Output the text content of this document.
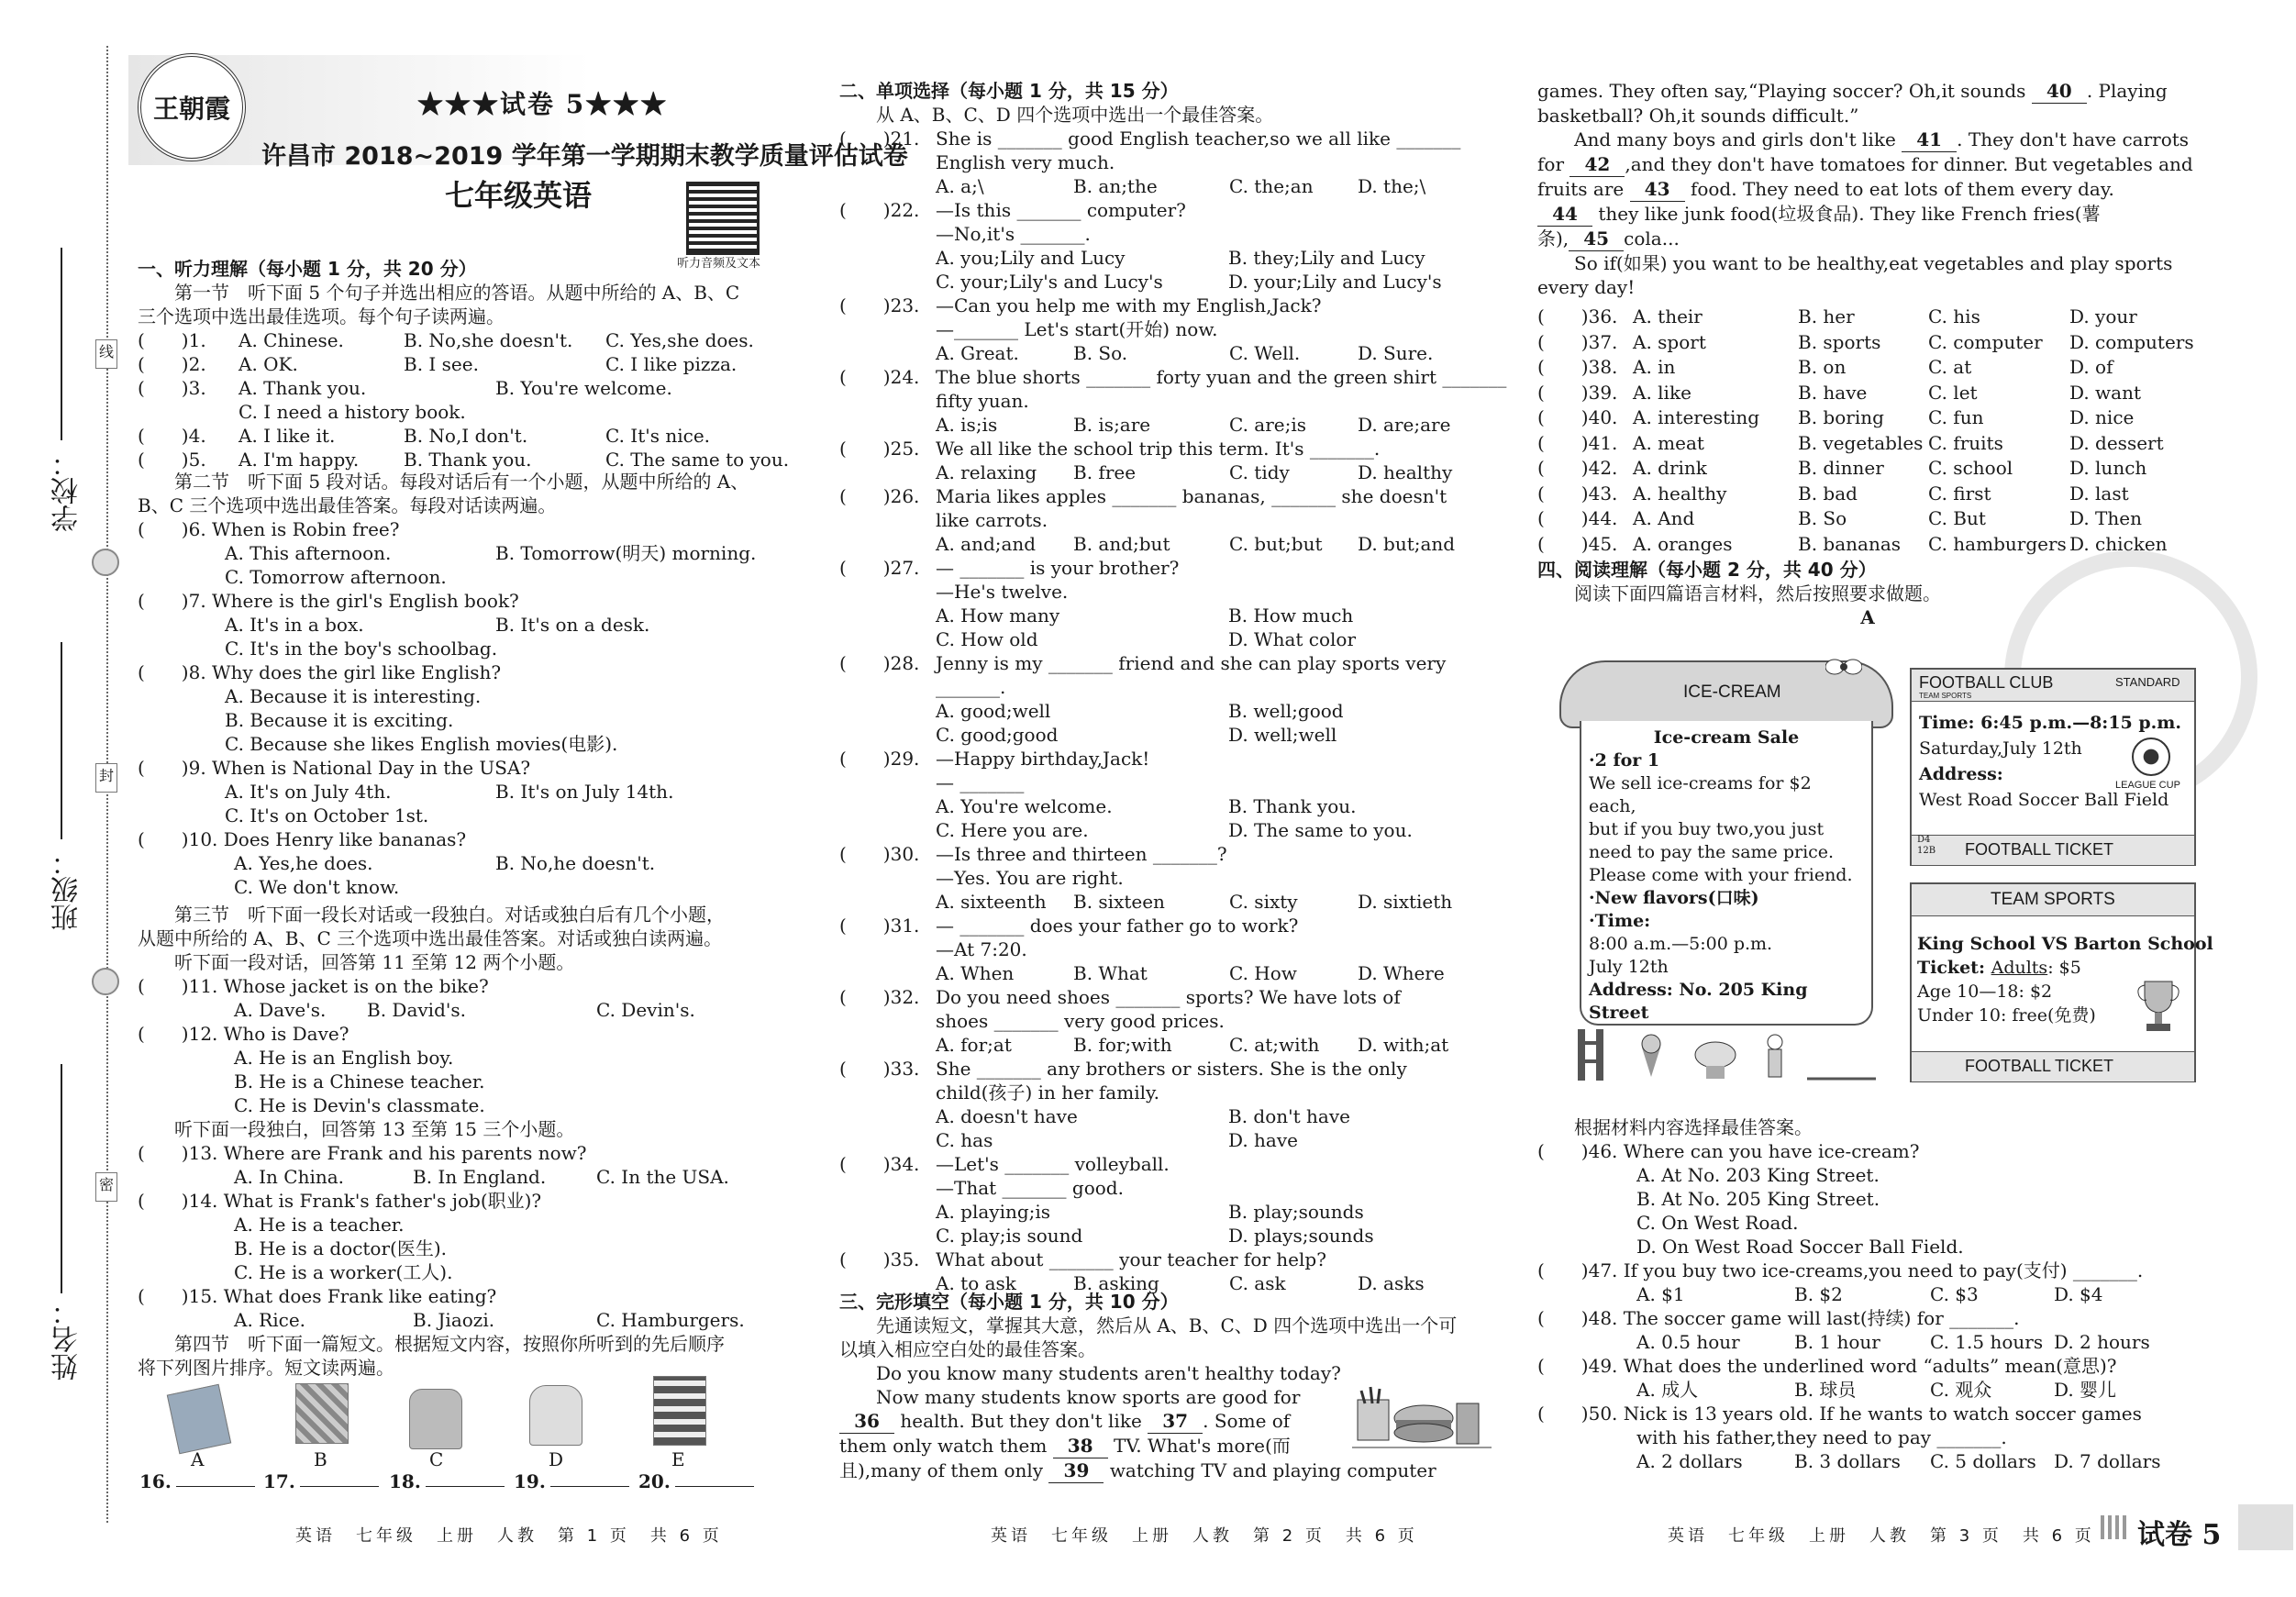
线
封
密
学校：
班级：
姓名：
王朝霞	★★★试卷 5★★★
许昌市 2018~2019 学年第一学期期末教学质量评估试卷
七年级英语
听力音频及文本
一、听力理解（每小题 1 分，共 20 分）
第一节　听下面 5 个句子并选出相应的答语。从题中所给的 A、B、C
三个选项中选出最佳选项。每个句子读两遍。
(　　)1. A. Chinese.	B. No,she doesn't. C. Yes,she does.
(　　)2. A. OK.	B. I see.	C. I like pizza.
(　　)3. A. Thank you.	B. You're welcome.
C. I need a history book.
(　　)4. A. I like it.	B. No,I don't.	C. It's nice.
(　　)5. A. I'm happy. B. Thank you.	C. The same to you.
第二节　听下面 5 段对话。每段对话后有一个小题，从题中所给的 A、
B、C 三个选项中选出最佳答案。每段对话读两遍。
(　　)6. When is Robin free?
A. This afternoon.	B. Tomorrow(明天) morning.
C. Tomorrow afternoon.
(　　)7. Where is the girl's English book?
A. It's in a box.	B. It's on a desk.
C. It's in the boy's schoolbag.
(　　)8. Why does the girl like English?
A. Because it is interesting.
B. Because it is exciting.
C. Because she likes English movies(电影).
(　　)9. When is National Day in the USA?
A. It's on July 4th.	B. It's on July 14th.
C. It's on October 1st.
(　　)10. Does Henry like bananas?
A. Yes,he does.	B. No,he doesn't.
C. We don't know.
第三节　听下面一段长对话或一段独白。对话或独白后有几个小题，
从题中所给的 A、B、C 三个选项中选出最佳答案。对话或独白读两遍。
听下面一段对话，回答第 11 至第 12 两个小题。
(　　)11. Whose jacket is on the bike?
A. Dave's. B. David's.	C. Devin's.
(　　)12. Who is Dave?
A. He is an English boy.
B. He is a Chinese teacher.
C. He is Devin's classmate.
听下面一段独白，回答第 13 至第 15 三个小题。
(　　)13. Where are Frank and his parents now?
A. In China.	B. In England.	C. In the USA.
(　　)14. What is Frank's father's job(职业)?
A. He is a teacher.
B. He is a doctor(医生).
C. He is a worker(工人).
(　　)15. What does Frank like eating?
A. Rice.	B. Jiaozi.	C. Hamburgers.
第四节　听下面一篇短文。根据短文内容，按照你所听到的先后顺序
将下列图片排序。短文读两遍。
A	B	C	D	E
16.	17.	18.	19.	20.
英语　七年级　上册　人教　第 1 页　共 6 页
二、单项选择（每小题 1 分，共 15 分）
从 A、B、C、D 四个选项中选出一个最佳答案。
(　　)21. She is _______ good English teacher,so we all like _______
English very much.
A. a;\	B. an;the	C. the;an D. the;\
(　　)22. —Is this _______ computer?
—No,it's _______.
A. you;Lily and Lucy	B. they;Lily and Lucy
C. your;Lily's and Lucy's	D. your;Lily and Lucy's
(　　)23. —Can you help me with my English,Jack?
—_______ Let's start(开始) now.
A. Great.	B. So.	C. Well.	D. Sure.
(　　)24. The blue shorts _______ forty yuan and the green shirt _______
fifty yuan.
A. is;is	B. is;are	C. are;is	D. are;are
(　　)25. We all like the school trip this term. It's _______.
A. relaxing B. free	C. tidy	D. healthy
(　　)26. Maria likes apples _______ bananas, _______ she doesn't
like carrots.
A. and;and B. and;but	C. but;but D. but;and
(　　)27. — _______ is your brother?
—He's twelve.
A. How many	B. How much
C. How old	D. What color
(　　)28. Jenny is my _______ friend and she can play sports very
_______.
A. good;well	B. well;good
C. good;good	D. well;well
(　　)29. —Happy birthday,Jack!
— _______
A. You're welcome.	B. Thank you.
C. Here you are.	D. The same to you.
(　　)30. —Is three and thirteen _______?
—Yes. You are right.
A. sixteenth B. sixteen	C. sixty	D. sixtieth
(　　)31. — _______ does your father go to work?
—At 7:20.
A. When	B. What	C. How	D. Where
(　　)32. Do you need shoes _______ sports? We have lots of
shoes _______ very good prices.
A. for;at	B. for;with	C. at;with D. with;at
(　　)33. She _______ any brothers or sisters. She is the only
child(孩子) in her family.
A. doesn't have	B. don't have
C. has	D. have
(　　)34. —Let's _______ volleyball.
—That _______ good.
A. playing;is	B. play;sounds
C. play;is sound	D. plays;sounds
(　　)35. What about _______ your teacher for help?
A. to ask	B. asking	C. ask	D. asks
三、完形填空（每小题 1 分，共 10 分）
先通读短文，掌握其大意，然后从 A、B、C、D 四个选项中选出一个可
以填入相应空白处的最佳答案。
Do you know many students aren't healthy today?
Now many students know sports are good for
36 health. But they don't like 37 . Some of
them only watch them 38 TV. What's more(而
且),many of them only 39 watching TV and playing computer
英语　七年级　上册　人教　第 2 页　共 6 页
games. They often say,“Playing soccer? Oh,it sounds 40 . Playing
basketball? Oh,it sounds difficult.”
And many boys and girls don't like 41 . They don't have carrots
for 42 ,and they don't have tomatoes for dinner. But vegetables and
fruits are 43 food. They need to eat lots of them every day.
44 they like junk food(垃圾食品). They like French fries(薯
条), 45 cola...
So if(如果) you want to be healthy,eat vegetables and play sports
every day!
(　　)36. A. their	B. her	C. his	D. your
(　　)37. A. sport	B. sports	C. computer D. computers
(　　)38. A. in	B. on	C. at	D. of
(　　)39. A. like	B. have	C. let	D. want
(　　)40. A. interesting B. boring C. fun	D. nice
(　　)41. A. meat	B. vegetables C. fruits	D. dessert
(　　)42. A. drink	B. dinner C. school	D. lunch
(　　)43. A. healthy	B. bad	C. first	D. last
(　　)44. A. And	B. So	C. But	D. Then
(　　)45. A. oranges	B. bananas C. hamburgers D. chicken
四、阅读理解（每小题 2 分，共 40 分）
阅读下面四篇语言材料，然后按照要求做题。
A
ICE-CREAM
Ice-cream Sale
·2 for 1
We sell ice-creams for $2 each,
but if you buy two,you just
need to pay the same price.
Please come with your friend.
·New flavors(口味)
·Time:
8:00 a.m.—5:00 p.m.
July 12th
Address: No. 205 King Street
FOOTBALL CLUB
TEAM SPORTS
STANDARD
Time: 6:45 p.m.—8:15 p.m.
Saturday,July 12th
Address:
West Road Soccer Ball Field
LEAGUE CUP
D4
12B FOOTBALL TICKET
TEAM SPORTS
King School VS Barton School
Ticket: Adults: $5
Age 10—18: $2
Under 10: free(免费)
FOOTBALL TICKET
根据材料内容选择最佳答案。
(　　)46. Where can you have ice-cream?
A. At No. 203 King Street.
B. At No. 205 King Street.
C. On West Road.
D. On West Road Soccer Ball Field.
(　　)47. If you buy two ice-creams,you need to pay(支付) _______.
A. $1	B. $2	C. $3	D. $4
(　　)48. The soccer game will last(持续) for _______.
A. 0.5 hour	B. 1 hour	C. 1.5 hours D. 2 hours
(　　)49. What does the underlined word “adults” mean(意思)?
A. 成人	B. 球员	C. 观众	D. 婴儿
(　　)50. Nick is 13 years old. If he wants to watch soccer games
with his father,they need to pay _______.
A. 2 dollars	B. 3 dollars C. 5 dollars D. 7 dollars
英语　七年级　上册　人教　第 3 页　共 6 页 试卷 5
